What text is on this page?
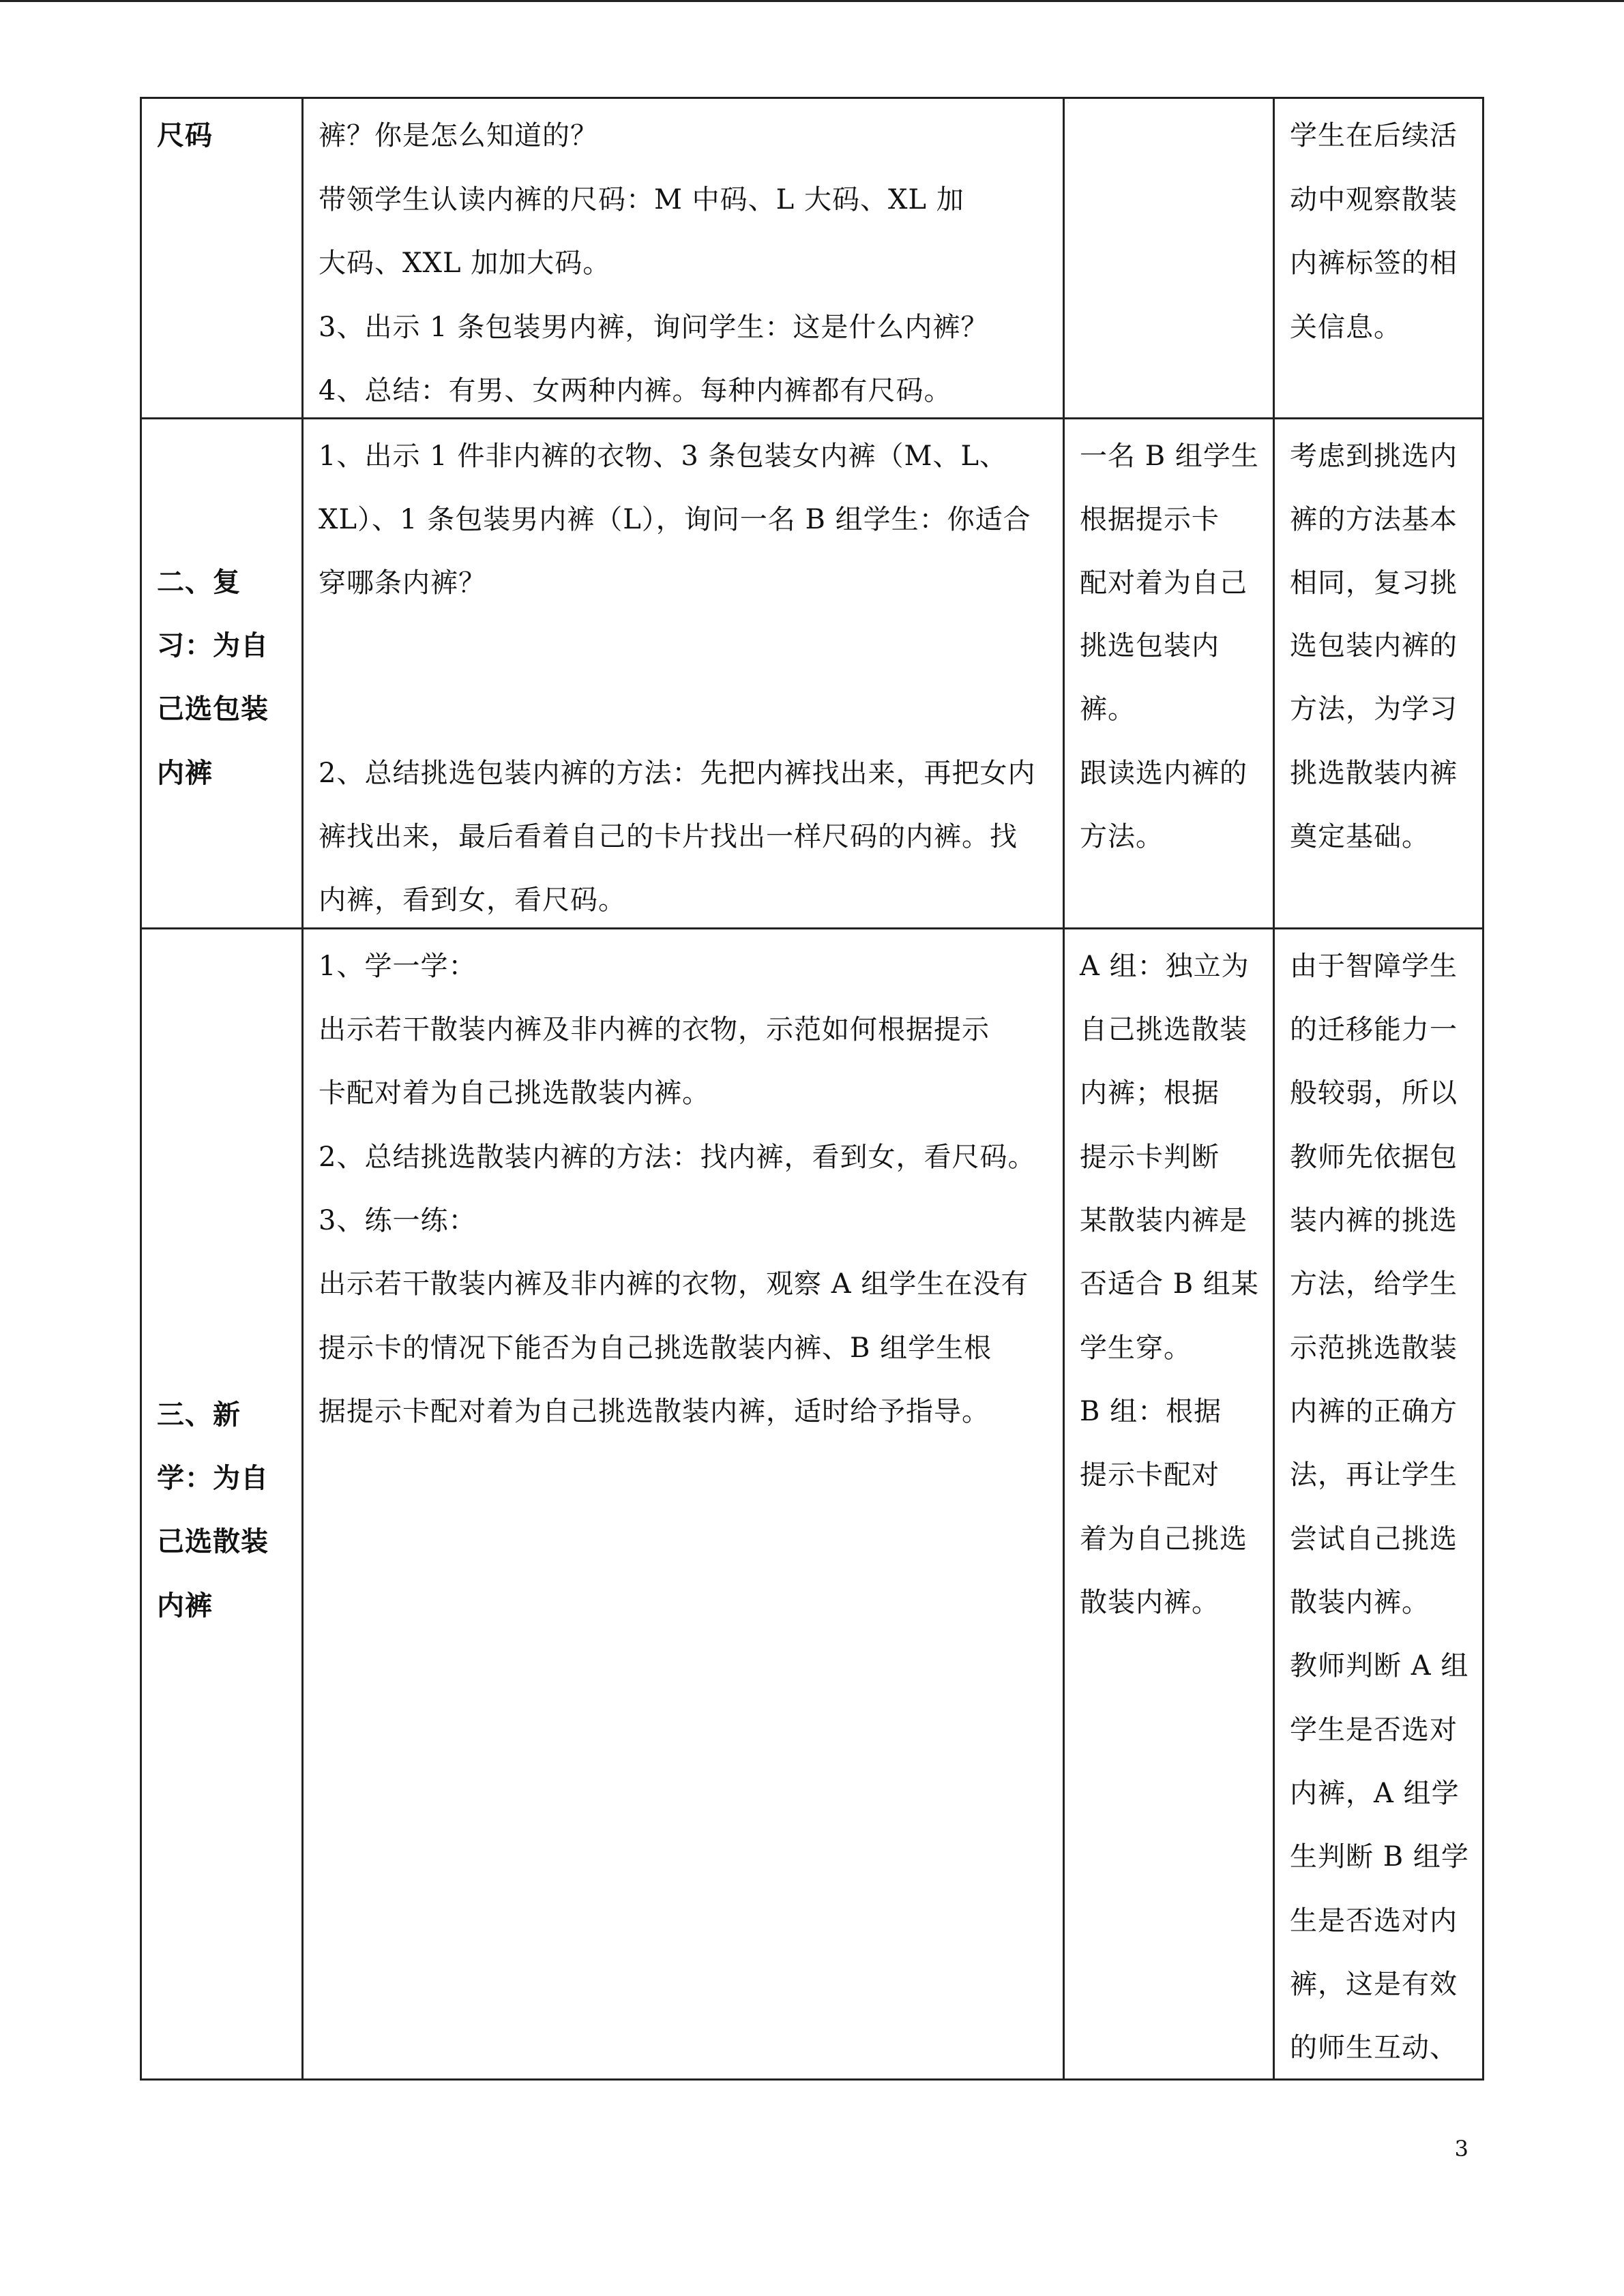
尺码	裤？你是怎么知道的？
带领学生认读内裤的尺码：M 中码、L 大码、XL 加
大码、XXL 加加大码。
3、出示 1 条包装男内裤，询问学生：这是什么内裤？
4、总结：有男、女两种内裤。每种内裤都有尺码。
学生在后续活
动中观察散装
内裤标签的相
关信息。
二、复
习：为自
己选包装
内裤
1、出示 1 件非内裤的衣物、3 条包装女内裤（M、L、
XL）、1 条包装男内裤（L），询问一名 B 组学生：你适合
穿哪条内裤？
2、总结挑选包装内裤的方法：先把内裤找出来，再把女内
裤找出来，最后看着自己的卡片找出一样尺码的内裤。找
内裤，看到女，看尺码。
一名 B 组学生
根据提示卡
配对着为自己
挑选包装内
裤。
跟读选内裤的
方法。
考虑到挑选内
裤的方法基本
相同，复习挑
选包装内裤的
方法，为学习
挑选散装内裤
奠定基础。
三、新
学：为自
己选散装
内裤
1、学一学：
出示若干散装内裤及非内裤的衣物，示范如何根据提示
卡配对着为自己挑选散装内裤。
2、总结挑选散装内裤的方法：找内裤，看到女，看尺码。
3、练一练：
出示若干散装内裤及非内裤的衣物，观察 A 组学生在没有
提示卡的情况下能否为自己挑选散装内裤、B 组学生根
据提示卡配对着为自己挑选散装内裤，适时给予指导。
A 组：独立为
自己挑选散装
内裤；根据
提示卡判断
某散装内裤是
否适合 B 组某
学生穿。
B 组：根据
提示卡配对
着为自己挑选
散装内裤。
由于智障学生
的迁移能力一
般较弱，所以
教师先依据包
装内裤的挑选
方法，给学生
示范挑选散装
内裤的正确方
法，再让学生
尝试自己挑选
散装内裤。
教师判断 A 组
学生是否选对
内裤，A 组学
生判断 B 组学
生是否选对内
裤，这是有效
的师生互动、
3
